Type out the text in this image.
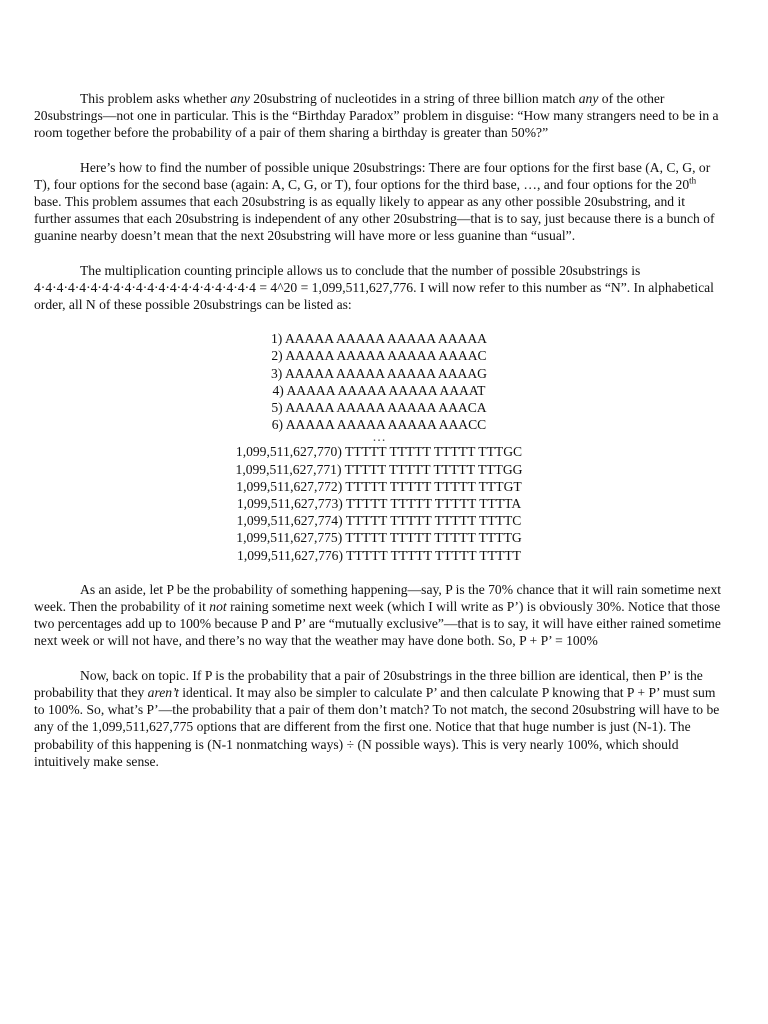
This problem asks whether any 20substring of nucleotides in a string of three billion match any of the other 20substrings—not one in particular. This is the “Birthday Paradox” problem in disguise: “How many strangers need to be in a room together before the probability of a pair of them sharing a birthday is greater than 50%?”

Here’s how to find the number of possible unique 20substrings: There are four options for the first base (A, C, G, or T), four options for the second base (again: A, C, G, or T), four options for the third base, …, and four options for the 20th base. This problem assumes that each 20substring is as equally likely to appear as any other possible 20substring, and it further assumes that each 20substring is independent of any other 20substring—that is to say, just because there is a bunch of guanine nearby doesn’t mean that the next 20substring will have more or less guanine than “usual”.

The multiplication counting principle allows us to conclude that the number of possible 20substrings is 4·4·4·4·4·4·4·4·4·4·4·4·4·4·4·4·4·4·4·4 = 4^20 = 1,099,511,627,776. I will now refer to this number as “N”. In alphabetical order, all N of these possible 20substrings can be listed as:

1) AAAAA AAAAA AAAAA AAAAA
2) AAAAA AAAAA AAAAA AAAAC
3) AAAAA AAAAA AAAAA AAAAG
4) AAAAA AAAAA AAAAA AAAAT
5) AAAAA AAAAA AAAAA AAACA
6) AAAAA AAAAA AAAAA AAACC
…
1,099,511,627,770) TTTTT TTTTT TTTTT TTTGC
1,099,511,627,771) TTTTT TTTTT TTTTT TTTGG
1,099,511,627,772) TTTTT TTTTT TTTTT TTTGT
1,099,511,627,773) TTTTT TTTTT TTTTT TTTTA
1,099,511,627,774) TTTTT TTTTT TTTTT TTTTC
1,099,511,627,775) TTTTT TTTTT TTTTT TTTTG
1,099,511,627,776) TTTTT TTTTT TTTTT TTTTT

As an aside, let P be the probability of something happening—say, P is the 70% chance that it will rain sometime next week. Then the probability of it not raining sometime next week (which I will write as P’) is obviously 30%. Notice that those two percentages add up to 100% because P and P’ are “mutually exclusive”—that is to say, it will have either rained sometime next week or will not have, and there’s no way that the weather may have done both. So, P + P’ = 100%

Now, back on topic. If P is the probability that a pair of 20substrings in the three billion are identical, then P’ is the probability that they aren’t identical. It may also be simpler to calculate P’ and then calculate P knowing that P + P’ must sum to 100%. So, what’s P’—the probability that a pair of them don’t match? To not match, the second 20substring will have to be any of the 1,099,511,627,775 options that are different from the first one. Notice that that huge number is just (N-1). The probability of this happening is (N-1 nonmatching ways) ÷ (N possible ways). This is very nearly 100%, which should intuitively make sense.
